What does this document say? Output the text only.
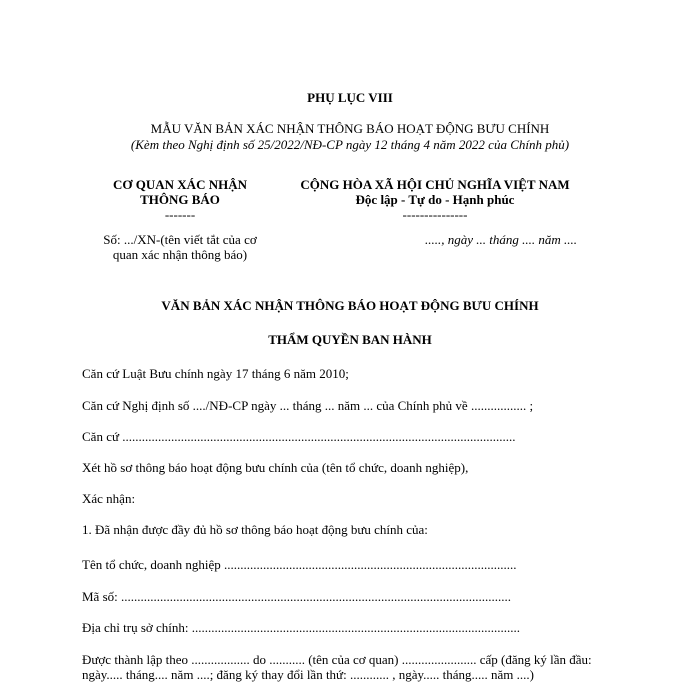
PHỤ LỤC VIII
MẪU VĂN BẢN XÁC NHẬN THÔNG BÁO HOẠT ĐỘNG BƯU CHÍNH
(Kèm theo Nghị định số 25/2022/NĐ-CP ngày 12 tháng 4 năm 2022 của Chính phủ)
CƠ QUAN XÁC NHẬN
THÔNG BÁO
-------
Số: .../XN-(tên viết tắt của cơ
quan xác nhận thông báo)
CỘNG HÒA XÃ HỘI CHỦ NGHĨA VIỆT NAM
Độc lập - Tự do - Hạnh phúc
---------------
....., ngày ... tháng .... năm ....
VĂN BẢN XÁC NHẬN THÔNG BÁO HOẠT ĐỘNG BƯU CHÍNH
THẨM QUYỀN BAN HÀNH
Căn cứ Luật Bưu chính ngày 17 tháng 6 năm 2010;
Căn cứ Nghị định số ..../NĐ-CP ngày ... tháng ... năm ... của Chính phủ về ................. ;
Căn cứ .........................................................................................................................
Xét hồ sơ thông báo hoạt động bưu chính của (tên tổ chức, doanh nghiệp),
Xác nhận:
1. Đã nhận được đầy đủ hồ sơ thông báo hoạt động bưu chính của:
Tên tổ chức, doanh nghiệp ..........................................................................................
Mã số: ........................................................................................................................
Địa chỉ trụ sở chính: .....................................................................................................
Được thành lập theo .................. do ........... (tên của cơ quan) ....................... cấp (đăng ký lần đầu:
ngày..... tháng.... năm ....; đăng ký thay đổi lần thứ: ............ , ngày..... tháng..... năm ....)
